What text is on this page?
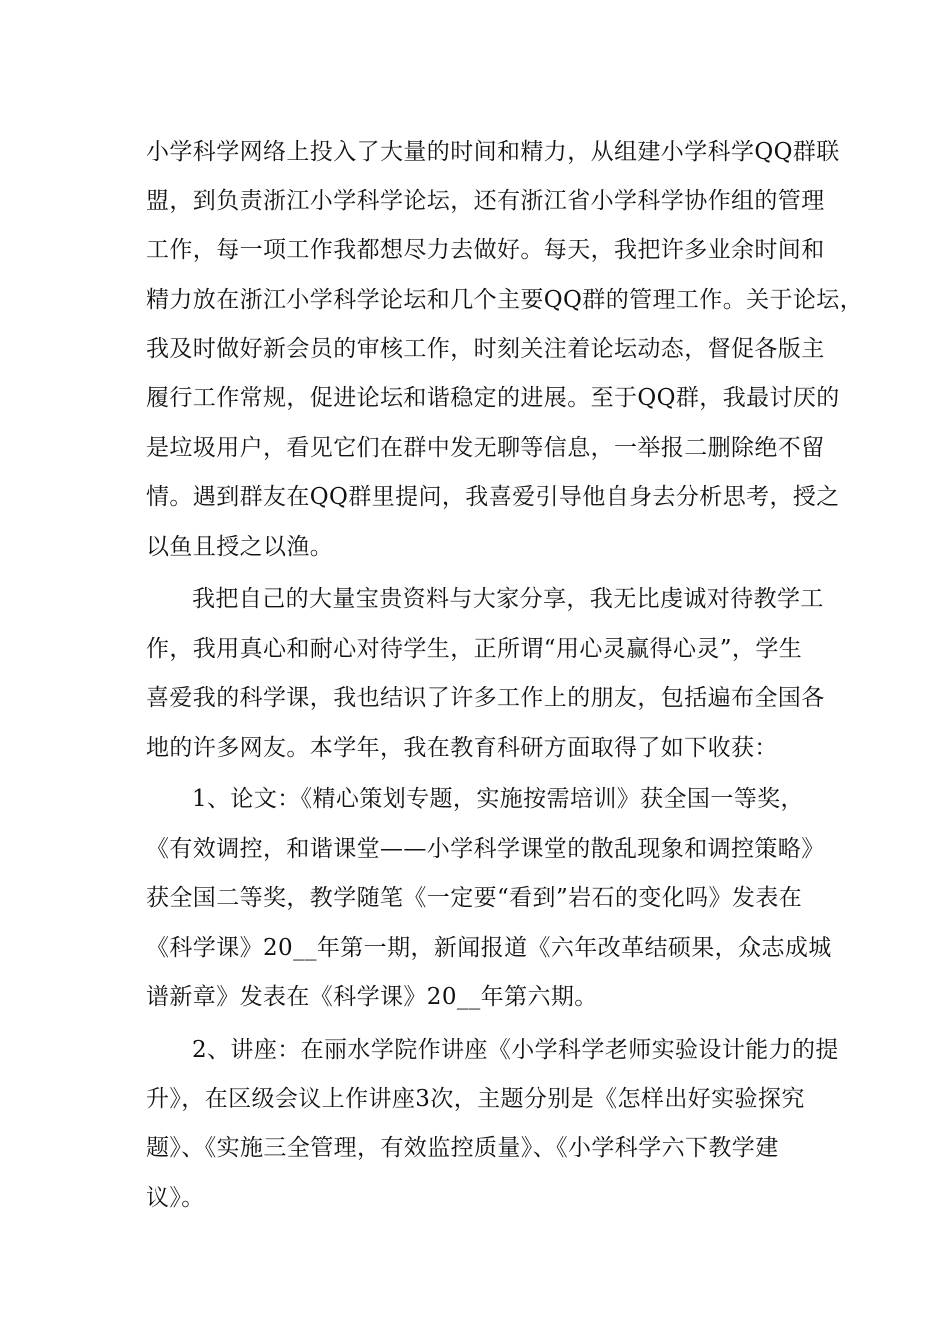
小学科学网络上投入了大量的时间和精力，从组建小学科学QQ群联
盟，到负责浙江小学科学论坛，还有浙江省小学科学协作组的管理
工作，每一项工作我都想尽力去做好。每天，我把许多业余时间和
精力放在浙江小学科学论坛和几个主要QQ群的管理工作。关于论坛，
我及时做好新会员的审核工作，时刻关注着论坛动态，督促各版主
履行工作常规，促进论坛和谐稳定的进展。至于QQ群，我最讨厌的
是垃圾用户，看见它们在群中发无聊等信息，一举报二删除绝不留
情。遇到群友在QQ群里提问，我喜爱引导他自身去分析思考，授之
以鱼且授之以渔。
我把自己的大量宝贵资料与大家分享，我无比虔诚对待教学工
作，我用真心和耐心对待学生，正所谓“用心灵赢得心灵”，学生
喜爱我的科学课，我也结识了许多工作上的朋友，包括遍布全国各
地的许多网友。本学年，我在教育科研方面取得了如下收获：
1、论文：《精心策划专题，实施按需培训》获全国一等奖，
《有效调控，和谐课堂——小学科学课堂的散乱现象和调控策略》
获全国二等奖，教学随笔《一定要“看到”岩石的变化吗》发表在
《科学课》20__年第一期，新闻报道《六年改革结硕果，众志成城
谱新章》发表在《科学课》20__年第六期。
2、讲座：在丽水学院作讲座《小学科学老师实验设计能力的提
升》，在区级会议上作讲座3次，主题分别是《怎样出好实验探究
题》、《实施三全管理，有效监控质量》、《小学科学六下教学建
议》。
